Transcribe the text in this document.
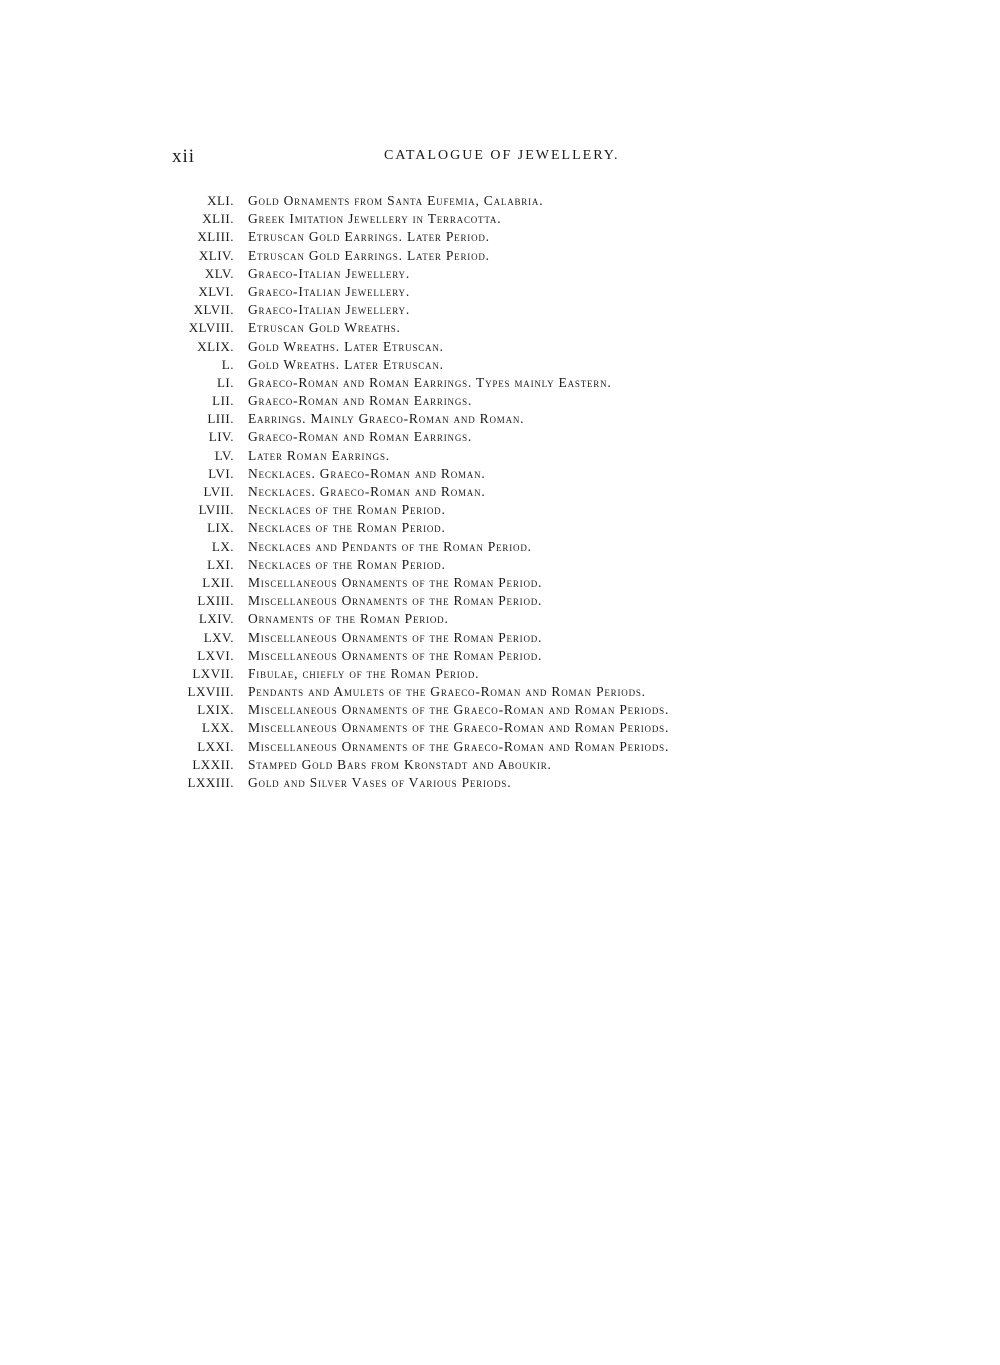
xii	CATALOGUE OF JEWELLERY.
XLI. Gold Ornaments from Santa Eufemia, Calabria.
XLII. Greek Imitation Jewellery in Terracotta.
XLIII. Etruscan Gold Earrings. Later Period.
XLIV. Etruscan Gold Earrings. Later Period.
XLV. Graeco-Italian Jewellery.
XLVI. Graeco-Italian Jewellery.
XLVII. Graeco-Italian Jewellery.
XLVIII. Etruscan Gold Wreaths.
XLIX. Gold Wreaths. Later Etruscan.
L. Gold Wreaths. Later Etruscan.
LI. Graeco-Roman and Roman Earrings. Types mainly Eastern.
LII. Graeco-Roman and Roman Earrings.
LIII. Earrings. Mainly Graeco-Roman and Roman.
LIV. Graeco-Roman and Roman Earrings.
LV. Later Roman Earrings.
LVI. Necklaces. Graeco-Roman and Roman.
LVII. Necklaces. Graeco-Roman and Roman.
LVIII. Necklaces of the Roman Period.
LIX. Necklaces of the Roman Period.
LX. Necklaces and Pendants of the Roman Period.
LXI. Necklaces of the Roman Period.
LXII. Miscellaneous Ornaments of the Roman Period.
LXIII. Miscellaneous Ornaments of the Roman Period.
LXIV. Ornaments of the Roman Period.
LXV. Miscellaneous Ornaments of the Roman Period.
LXVI. Miscellaneous Ornaments of the Roman Period.
LXVII. Fibulae, chiefly of the Roman Period.
LXVIII. Pendants and Amulets of the Graeco-Roman and Roman Periods.
LXIX. Miscellaneous Ornaments of the Graeco-Roman and Roman Periods.
LXX. Miscellaneous Ornaments of the Graeco-Roman and Roman Periods.
LXXI. Miscellaneous Ornaments of the Graeco-Roman and Roman Periods.
LXXII. Stamped Gold Bars from Kronstadt and Aboukir.
LXXIII. Gold and Silver Vases of Various Periods.
